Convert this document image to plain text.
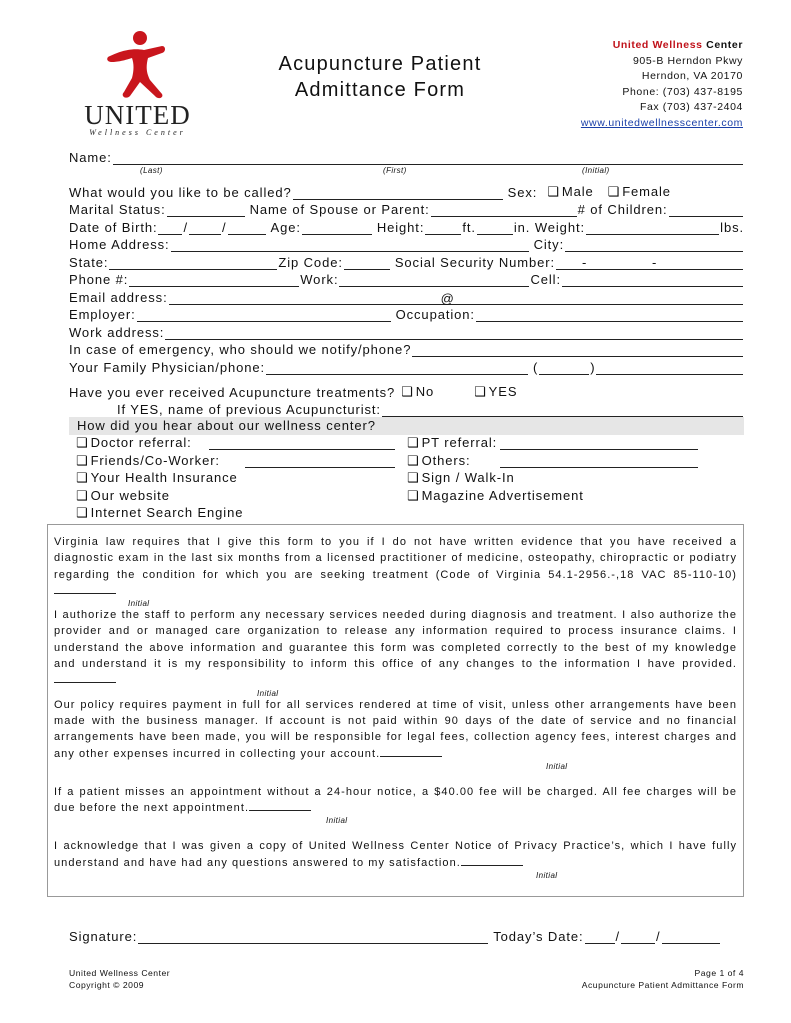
UNITED
Wellness Center
Acupuncture Patient
Admittance Form
United Wellness Center
905-B Herndon Pkwy
Herndon, VA 20170
Phone: (703) 437-8195
Fax (703) 437-2404
www.unitedwellnesscenter.com
Name:
(Last)	(First)	(Initial)
What would you like to be called?	Sex: ❑ Male ❑ Female
Marital Status:	Name of Spouse or Parent:	# of Children:
Date of Birth: /	/	Age:	Height:	ft.	in. Weight:	lbs.
Home Address:	City:
State:	Zip Code:	Social Security Number: -	-
Phone #:	Work:	Cell:
Email address:	@
Employer:	Occupation:
Work address:
In case of emergency, who should we notify/phone?
Your Family Physician/phone:	(	)
Have you ever received Acupuncture treatments? ❑ No	❑ YES
If YES, name of previous Acupuncturist:
How did you hear about our wellness center?
❑ Doctor referral:
❑ Friends/Co-Worker:
❑ Your Health Insurance
❑ Our website
❑ Internet Search Engine
❑ PT referral:
❑ Others:
❑ Sign / Walk-In
❑ Magazine Advertisement

Virginia law requires that I give this form to you if I do not have written evidence that you have received a diagnostic exam in the last six months from a licensed practitioner of medicine, osteopathy, chiropractic or podiatry regarding the condition for which you are seeking treatment (Code of Virginia 54.1-2956.-,18 VAC 85-110-10)

Initial

I authorize the staff to perform any necessary services needed during diagnosis and treatment. I also authorize the provider and or managed care organization to release any information required to process insurance claims. I understand the above information and guarantee this form was completed correctly to the best of my knowledge and understand it is my responsibility to inform this office of any changes to the information I have provided.

Initial

Our policy requires payment in full for all services rendered at time of visit, unless other arrangements have been made with the business manager. If account is not paid within 90 days of the date of service and no financial arrangements have been made, you will be responsible for legal fees, collection agency fees, interest charges and any other expenses incurred in collecting your account.

Initial

If a patient misses an appointment without a 24-hour notice, a $40.00 fee will be charged. All fee charges will be due before the next appointment.

Initial

I acknowledge that I was given a copy of United Wellness Center Notice of Privacy Practice’s, which I have fully understand and have had any questions answered to my satisfaction.

Initial
Signature:	Today’s Date: /	/
United Wellness Center
Copyright © 2009
Page 1 of 4
Acupuncture Patient Admittance Form
